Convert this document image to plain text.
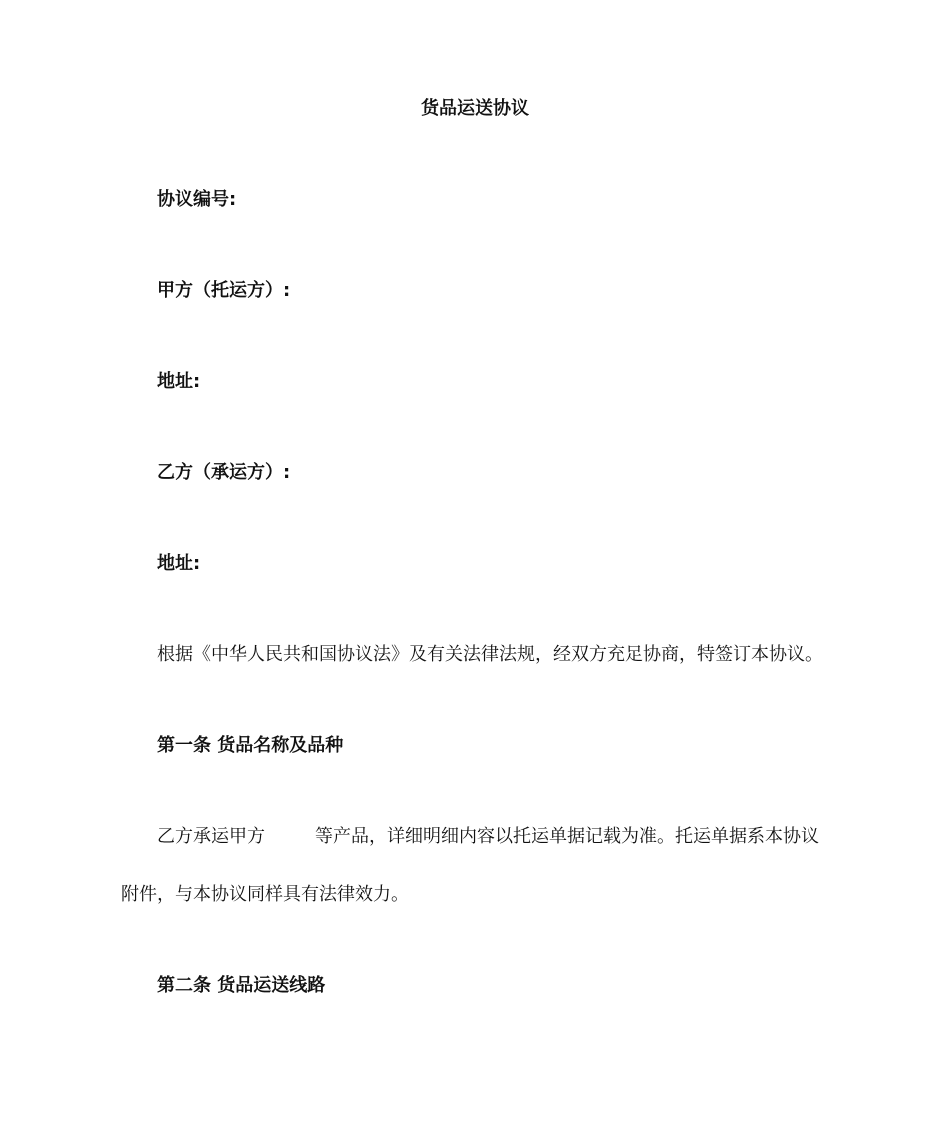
货品运送协议
协议编号:
甲方（托运方）:
地址:
乙方（承运方）:
地址:
根据《中华人民共和国协议法》及有关法律法规，经双方充足协商，特签订本协议。
第一条 货品名称及品种
乙方承运甲方	等产品，详细明细内容以托运单据记载为准。托运单据系本协议
附件，与本协议同样具有法律效力。
第二条 货品运送线路
